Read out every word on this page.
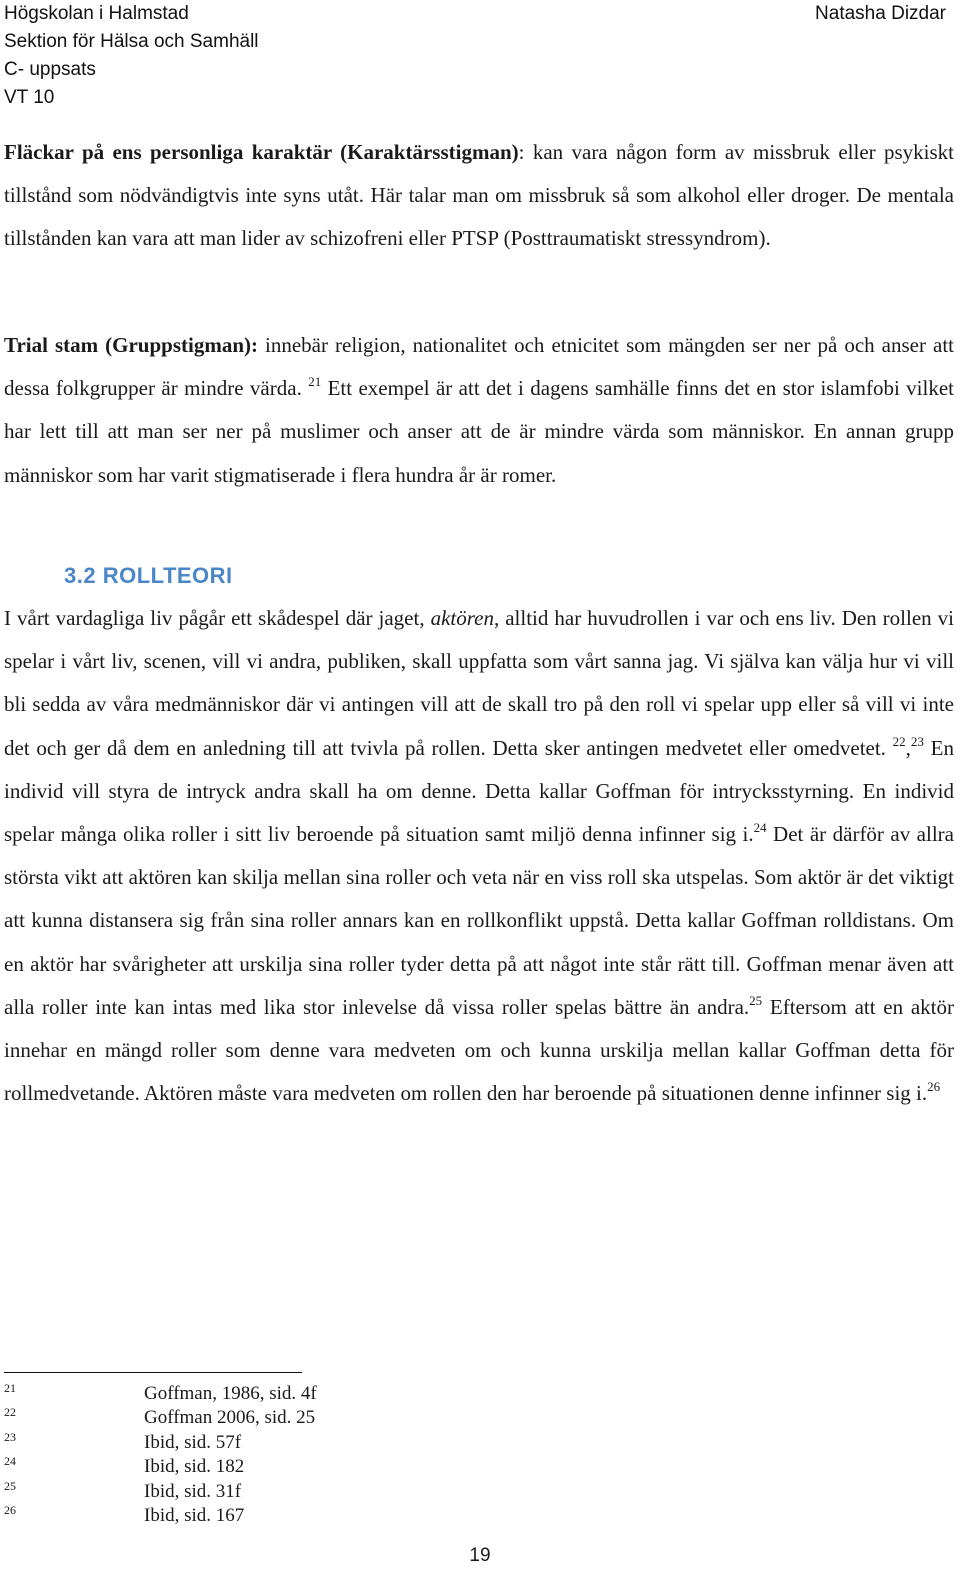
Högskolan i Halmstad
Sektion för Hälsa och Samhäll
C- uppsats
VT 10
Natasha Dizdar
Fläckar på ens personliga karaktär (Karaktärsstigman): kan vara någon form av missbruk eller psykiskt tillstånd som nödvändigtvis inte syns utåt. Här talar man om missbruk så som alkohol eller droger. De mentala tillstånden kan vara att man lider av schizofreni eller PTSP (Posttraumatiskt stressyndrom).
Trial stam (Gruppstigman): innebär religion, nationalitet och etnicitet som mängden ser ner på och anser att dessa folkgrupper är mindre värda. $^{21}$ Ett exempel är att det i dagens samhälle finns det en stor islamfobi vilket har lett till att man ser ner på muslimer och anser att de är mindre värda som människor. En annan grupp människor som har varit stigmatiserade i flera hundra år är romer.
3.2 ROLLTEORI
I vårt vardagliga liv pågår ett skådespel där jaget, aktören, alltid har huvudrollen i var och ens liv. Den rollen vi spelar i vårt liv, scenen, vill vi andra, publiken, skall uppfatta som vårt sanna jag. Vi själva kan välja hur vi vill bli sedda av våra medmänniskor där vi antingen vill att de skall tro på den roll vi spelar upp eller så vill vi inte det och ger då dem en anledning till att tvivla på rollen. Detta sker antingen medvetet eller omedvetet. $^{22}$,$^{23}$ En individ vill styra de intryck andra skall ha om denne. Detta kallar Goffman för intrycksstyrning. En individ spelar många olika roller i sitt liv beroende på situation samt miljö denna infinner sig i.$^{24}$ Det är därför av allra största vikt att aktören kan skilja mellan sina roller och veta när en viss roll ska utspelas. Som aktör är det viktigt att kunna distansera sig från sina roller annars kan en rollkonflikt uppstå. Detta kallar Goffman rolldistans. Om en aktör har svårigheter att urskilja sina roller tyder detta på att något inte står rätt till. Goffman menar även att alla roller inte kan intas med lika stor inlevelse då vissa roller spelas bättre än andra.$^{25}$ Eftersom att en aktör innehar en mängd roller som denne vara medveten om och kunna urskilja mellan kallar Goffman detta för rollmedvetande. Aktören måste vara medveten om rollen den har beroende på situationen denne infinner sig i.$^{26}$
21	Goffman, 1986, sid. 4f
22	Goffman 2006, sid. 25
23	Ibid, sid. 57f
24	Ibid, sid. 182
25	Ibid, sid. 31f
26	Ibid, sid. 167
19
